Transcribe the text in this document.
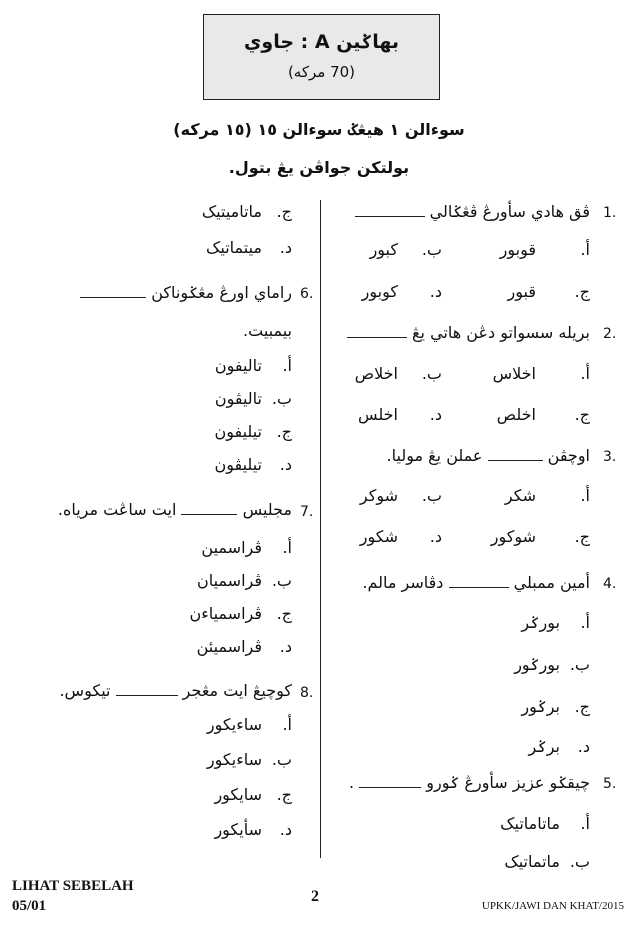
بهاݢين A : جاوي
(70 مركه)
سوءالن ١ هيڠݢ سوءالن ١٥ (١٥ مركه)
بولتكن جواڤن يڠ بتول.
1.
ڤق هادي سأورڠ ڤڠݢالي
أ.
قوبور
ب.
كبور
ج.
قبور
د.
كوبور
2.
بريله سسواتو دڠن هاتي يڠ
أ.
اخلاس
ب.
اخلاص
ج.
اخلص
د.
اخلس
3.
اوچڤن  عملن يڠ موليا.
أ.
شكر
ب.
شوكر
ج.
شوكور
د.
شكور
4.
أمين ممبلي  دڤاسر مالم.
أ.
بورݢر
ب.
بورݢور
ج.
برݢور
د.
برݢر
5.
چيقݢو عزيز سأورڠ ݢورو  .
أ.
ماتاماتيک
ب.
ماتماتيک
ج.
ماتاميتيک
د.
ميتماتيک
6.
راماي اورڠ مڠݢوناكن
بيمبيت.
أ.
تاليفون
ب.
تاليڤون
ج.
تيليفون
د.
تيليڤون
7.
مجليس  ايت ساڠت مرياه.
أ.
ڤراسمين
ب.
ڤراسميان
ج.
ڤراسمياءن
د.
ڤراسميئن
8.
كوچيڠ ايت مڠجر  تيكوس.
أ.
ساءيكور
ب.
ساءيكور
ج.
سايكور
د.
سأيكور
LIHAT SEBELAH
05/01
2
UPKK/JAWI DAN KHAT/2015
